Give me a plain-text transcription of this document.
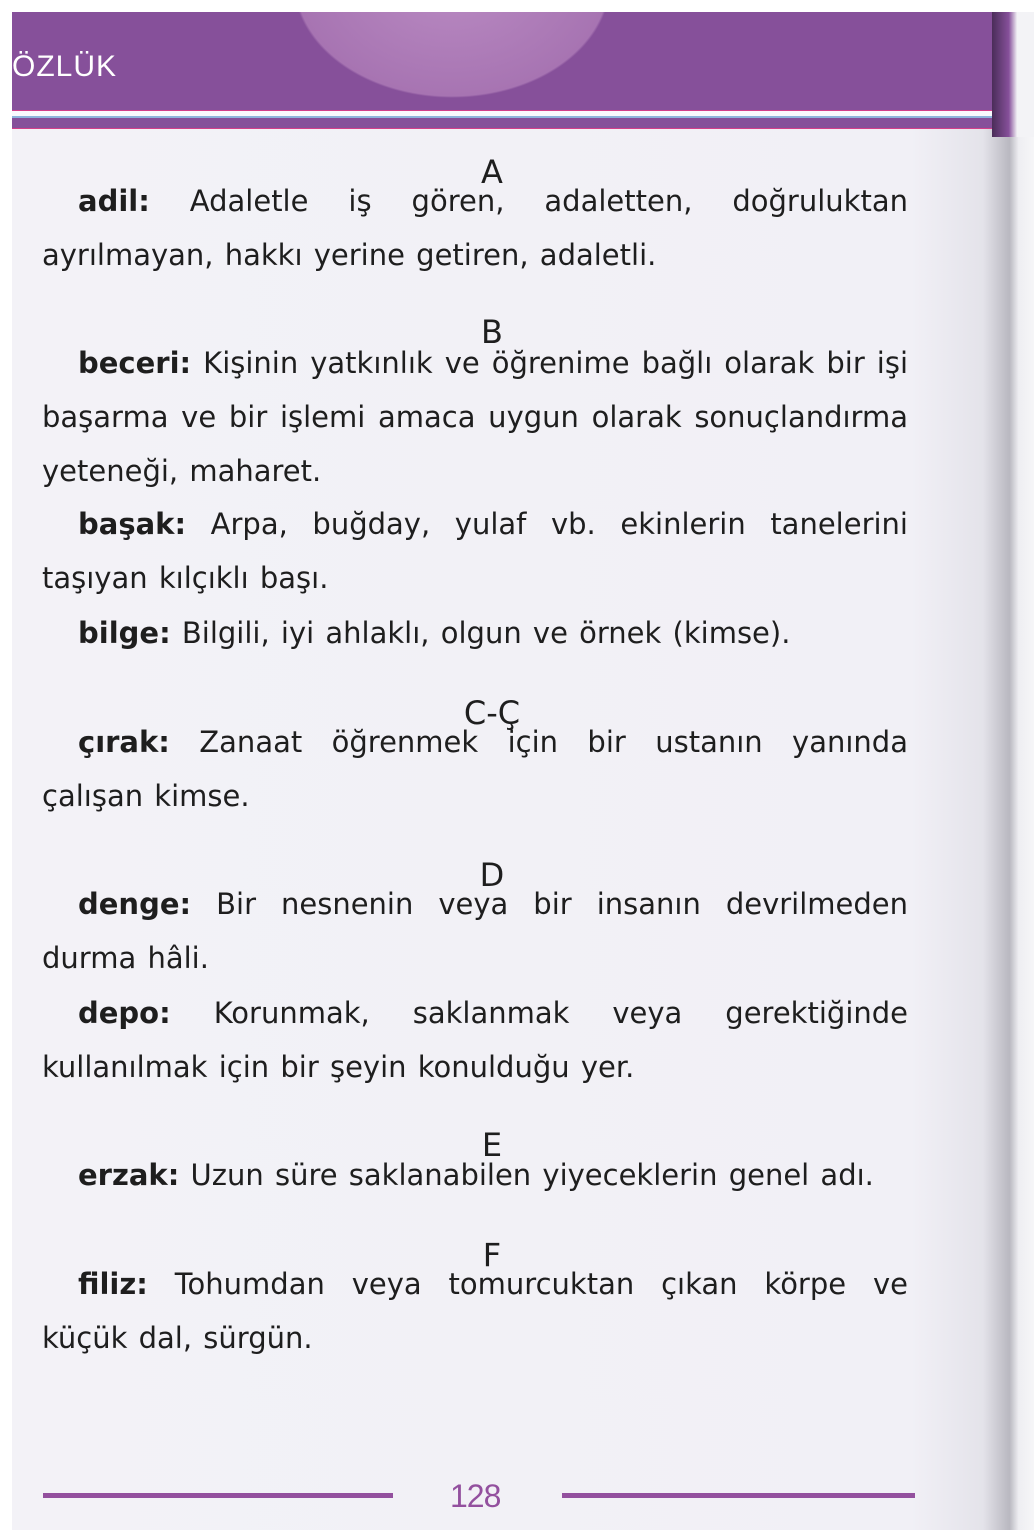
ÖZLÜK
A

adil: Adaletle iş gören, adaletten, doğruluktan ayrılmayan, hakkı yerine getiren, adaletli.

B

beceri: Kişinin yatkınlık ve öğrenime bağlı olarak bir işi başarma ve bir işlemi amaca uygun olarak sonuçlandırma yeteneği, maharet.

başak: Arpa, buğday, yulaf vb. ekinlerin tanelerini taşıyan kılçıklı başı.

bilge: Bilgili, iyi ahlaklı, olgun ve örnek (kimse).

C-Ç

çırak: Zanaat öğrenmek için bir ustanın yanında çalışan kimse.

D

denge: Bir nesnenin veya bir insanın devrilmeden durma hâli.

depo: Korunmak, saklanmak veya gerektiğinde kullanılmak için bir şeyin konulduğu yer.

E

erzak: Uzun süre saklanabilen yiyeceklerin genel adı.

F

filiz: Tohumdan veya tomurcuktan çıkan körpe ve küçük dal, sürgün.

128
